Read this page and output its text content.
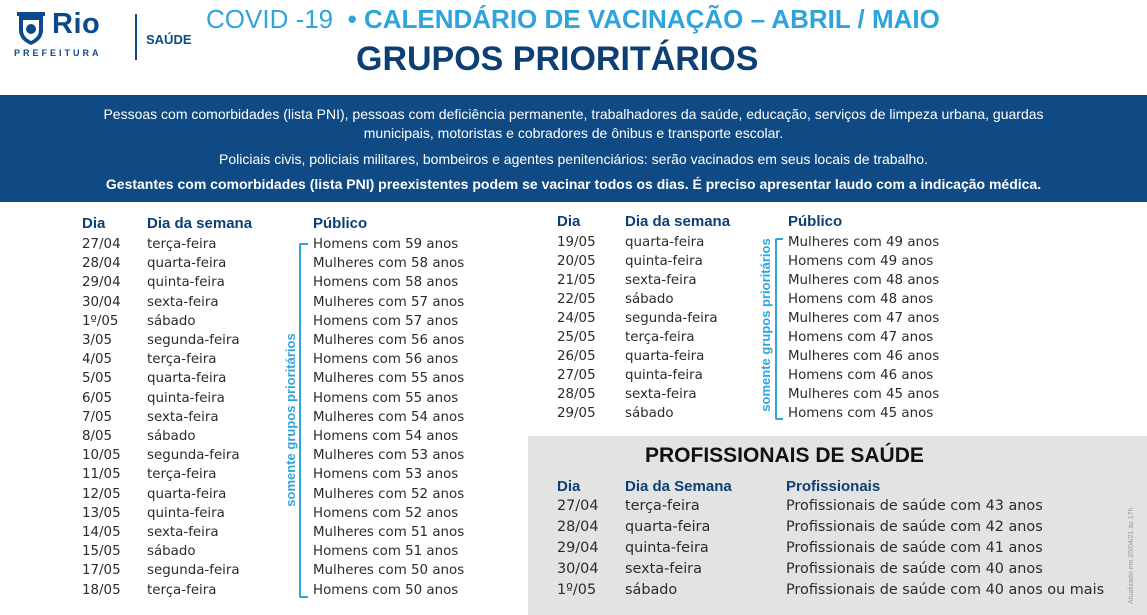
Rio
PREFEITURA
SAÚDE
COVID -19  • CALENDÁRIO DE VACINAÇÃO – ABRIL / MAIO
GRUPOS PRIORITÁRIOS

Pessoas com comorbidades (lista PNI), pessoas com deficiência permanente, trabalhadores da saúde, educação, serviços de limpeza urbana, guardas municipais, motoristas e cobradores de ônibus e transporte escolar.

Policiais civis, policiais militares, bombeiros e agentes penitenciários: serão vacinados em seus locais de trabalho.

Gestantes com comorbidades (lista PNI) preexistentes podem se vacinar todos os dias. É preciso apresentar laudo com a indicação médica.

Dia	Dia da semana	Público
27/04 terça-feira	Homens com 59 anos
28/04 quarta-feira	Mulheres com 58 anos
29/04 quinta-feira	Homens com 58 anos
30/04 sexta-feira	Mulheres com 57 anos
1º/05 sábado	Homens com 57 anos
3/05	segunda-feira	Mulheres com 56 anos
4/05	terça-feira	Homens com 56 anos
5/05	quarta-feira	Mulheres com 55 anos
6/05	quinta-feira	Homens com 55 anos
7/05	sexta-feira	Mulheres com 54 anos
8/05	sábado	Homens com 54 anos
10/05 segunda-feira	Mulheres com 53 anos
11/05 terça-feira	Homens com 53 anos
12/05 quarta-feira	Mulheres com 52 anos
13/05 quinta-feira	Homens com 52 anos
14/05 sexta-feira	Mulheres com 51 anos
15/05 sábado	Homens com 51 anos
17/05 segunda-feira	Mulheres com 50 anos
18/05 terça-feira	Homens com 50 anos
somente grupos prioritários
Dia	Dia da semana	Público
19/05 quarta-feira	Mulheres com 49 anos
20/05 quinta-feira	Homens com 49 anos
21/05 sexta-feira	Mulheres com 48 anos
22/05 sábado	Homens com 48 anos
24/05 segunda-feira	Mulheres com 47 anos
25/05 terça-feira	Homens com 47 anos
26/05 quarta-feira	Mulheres com 46 anos
27/05 quinta-feira	Homens com 46 anos
28/05 sexta-feira	Mulheres com 45 anos
29/05 sábado	Homens com 45 anos
somente grupos prioritários
PROFISSIONAIS DE SAÚDE
Dia	Dia da Semana	Profissionais
27/04 terça-feira	Profissionais de saúde com 43 anos
28/04 quarta-feira	Profissionais de saúde com 42 anos
29/04 quinta-feira	Profissionais de saúde com 41 anos
30/04 sexta-feira	Profissionais de saúde com 40 anos
1º/05 sábado	Profissionais de saúde com 40 anos ou mais	Atualizado em 20/04/21 às 17h
